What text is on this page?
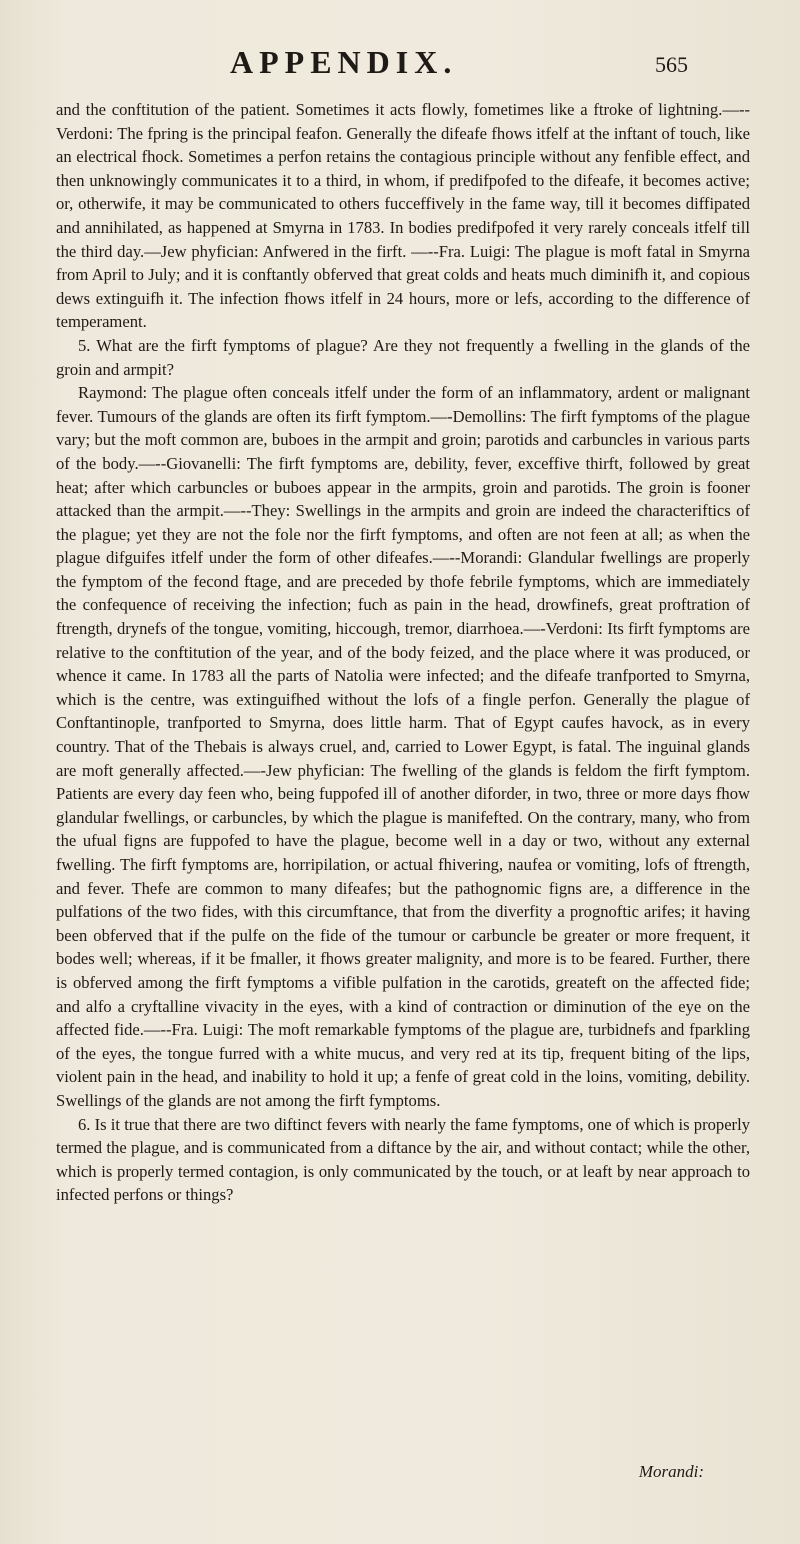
APPENDIX.	565

and the conftitution of the patient. Sometimes it acts flowly, fometimes like a ftroke of lightning.—--Verdoni: The fpring is the principal feafon. Generally the difeafe fhows itfelf at the inftant of touch, like an electrical fhock. Sometimes a perfon retains the contagious principle without any fenfible effect, and then unknowingly communicates it to a third, in whom, if predifpofed to the difeafe, it becomes active; or, otherwife, it may be communicated to others fucceffively in the fame way, till it becomes diffipated and annihilated, as happened at Smyrna in 1783. In bodies predifpofed it very rarely conceals itfelf till the third day.—Jew phyfician: Anfwered in the firft. —--Fra. Luigi: The plague is moft fatal in Smyrna from April to July; and it is conftantly obferved that great colds and heats much diminifh it, and copious dews extinguifh it. The infection fhows itfelf in 24 hours, more or lefs, according to the difference of temperament.

5. What are the firft fymptoms of plague? Are they not frequently a fwelling in the glands of the groin and armpit?

Raymond: The plague often conceals itfelf under the form of an inflammatory, ardent or malignant fever. Tumours of the glands are often its firft fymptom.—-Demollins: The firft fymptoms of the plague vary; but the moft common are, buboes in the armpit and groin; parotids and carbuncles in various parts of the body.—--Giovanelli: The firft fymptoms are, debility, fever, exceffive thirft, followed by great heat; after which carbuncles or buboes appear in the armpits, groin and parotids. The groin is fooner attacked than the armpit.—--They: Swellings in the armpits and groin are indeed the characteriftics of the plague; yet they are not the fole nor the firft fymptoms, and often are not feen at all; as when the plague difguifes itfelf under the form of other difeafes.—--Morandi: Glandular fwellings are properly the fymptom of the fecond ftage, and are preceded by thofe febrile fymptoms, which are immediately the confequence of receiving the infection; fuch as pain in the head, drowfinefs, great proftration of ftrength, drynefs of the tongue, vomiting, hiccough, tremor, diarrhoea.—-Verdoni: Its firft fymptoms are relative to the conftitution of the year, and of the body feized, and the place where it was produced, or whence it came. In 1783 all the parts of Natolia were infected; and the difeafe tranfported to Smyrna, which is the centre, was extinguifhed without the lofs of a fingle perfon. Generally the plague of Conftantinople, tranfported to Smyrna, does little harm. That of Egypt caufes havock, as in every country. That of the Thebais is always cruel, and, carried to Lower Egypt, is fatal. The inguinal glands are moft generally affected.—-Jew phyfician: The fwelling of the glands is feldom the firft fymptom. Patients are every day feen who, being fuppofed ill of another diforder, in two, three or more days fhow glandular fwellings, or carbuncles, by which the plague is manifefted. On the contrary, many, who from the ufual figns are fuppofed to have the plague, become well in a day or two, without any external fwelling. The firft fymptoms are, horripilation, or actual fhivering, naufea or vomiting, lofs of ftrength, and fever. Thefe are common to many difeafes; but the pathognomic figns are, a difference in the pulfations of the two fides, with this circumftance, that from the diverfity a prognoftic arifes; it having been obferved that if the pulfe on the fide of the tumour or carbuncle be greater or more frequent, it bodes well; whereas, if it be fmaller, it fhows greater malignity, and more is to be feared. Further, there is obferved among the firft fymptoms a vifible pulfation in the carotids, greateft on the affected fide; and alfo a cryftalline vivacity in the eyes, with a kind of contraction or diminution of the eye on the affected fide.—--Fra. Luigi: The moft remarkable fymptoms of the plague are, turbidnefs and fparkling of the eyes, the tongue furred with a white mucus, and very red at its tip, frequent biting of the lips, violent pain in the head, and inability to hold it up; a fenfe of great cold in the loins, vomiting, debility. Swellings of the glands are not among the firft fymptoms.

6. Is it true that there are two diftinct fevers with nearly the fame fymptoms, one of which is properly termed the plague, and is communicated from a diftance by the air, and without contact; while the other, which is properly termed contagion, is only communicated by the touch, or at leaft by near approach to infected perfons or things?

Morandi:
